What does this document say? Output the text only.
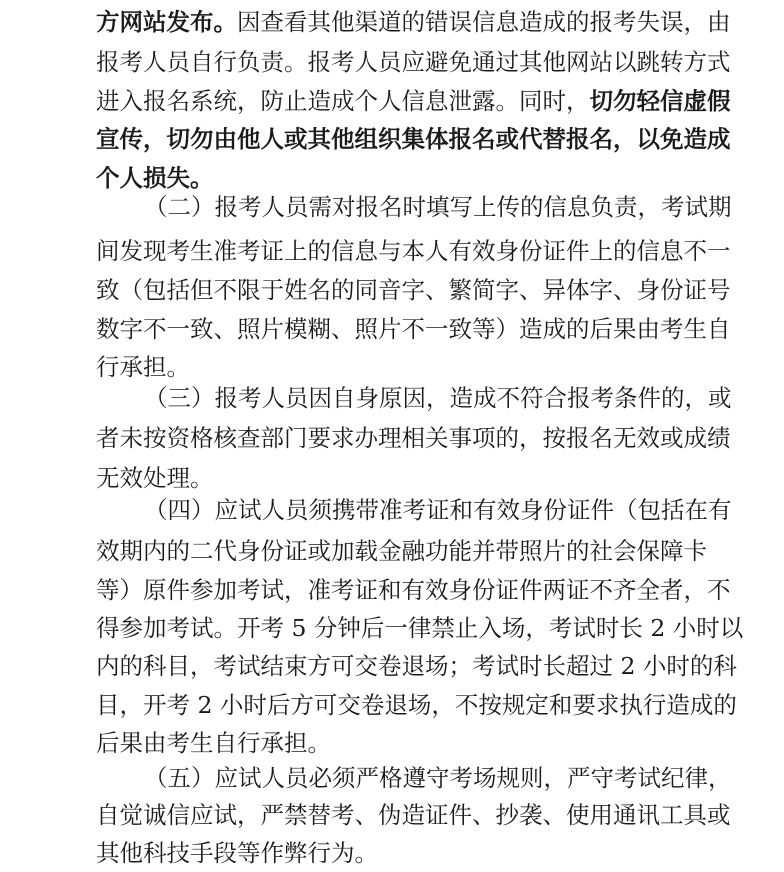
方网站发布。因查看其他渠道的错误信息造成的报考失误，由
报考人员自行负责。报考人员应避免通过其他网站以跳转方式
进入报名系统，防止造成个人信息泄露。同时，切勿轻信虚假
宣传，切勿由他人或其他组织集体报名或代替报名，以免造成
个人损失。
（二）报考人员需对报名时填写上传的信息负责，考试期
间发现考生准考证上的信息与本人有效身份证件上的信息不一
致（包括但不限于姓名的同音字、繁简字、异体字、身份证号
数字不一致、照片模糊、照片不一致等）造成的后果由考生自
行承担。
（三）报考人员因自身原因，造成不符合报考条件的，或
者未按资格核查部门要求办理相关事项的，按报名无效或成绩
无效处理。
（四）应试人员须携带准考证和有效身份证件（包括在有
效期内的二代身份证或加载金融功能并带照片的社会保障卡
等）原件参加考试，准考证和有效身份证件两证不齐全者，不
得参加考试。开考 5 分钟后一律禁止入场，考试时长 2 小时以
内的科目，考试结束方可交卷退场；考试时长超过 2 小时的科
目，开考 2 小时后方可交卷退场，不按规定和要求执行造成的
后果由考生自行承担。
（五）应试人员必须严格遵守考场规则，严守考试纪律，
自觉诚信应试，严禁替考、伪造证件、抄袭、使用通讯工具或
其他科技手段等作弊行为。
